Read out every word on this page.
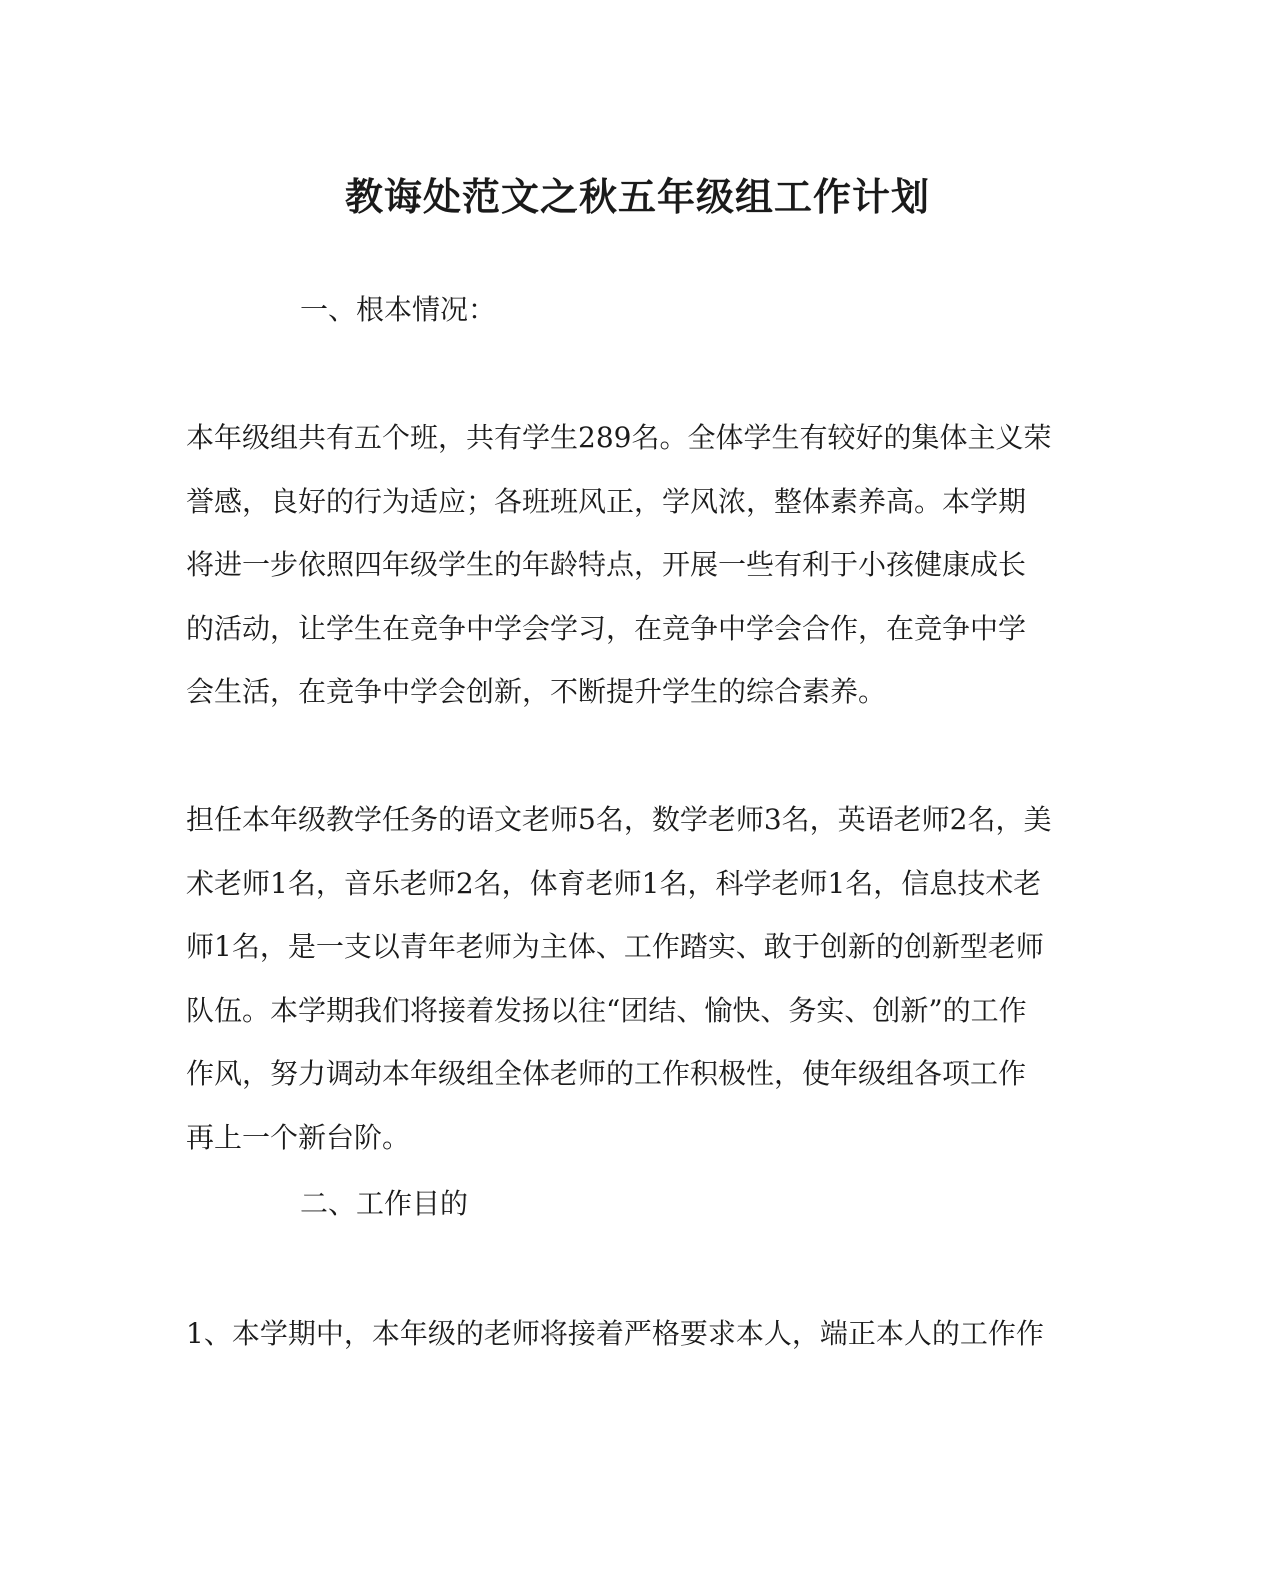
教诲处范文之秋五年级组工作计划
一、根本情况：
本年级组共有五个班，共有学生289名。全体学生有较好的集体主义荣
誉感，良好的行为适应；各班班风正，学风浓，整体素养高。本学期
将进一步依照四年级学生的年龄特点，开展一些有利于小孩健康成长
的活动，让学生在竞争中学会学习，在竞争中学会合作，在竞争中学
会生活，在竞争中学会创新，不断提升学生的综合素养。
担任本年级教学任务的语文老师5名，数学老师3名，英语老师2名，美
术老师1名，音乐老师2名，体育老师1名，科学老师1名，信息技术老
师1名，是一支以青年老师为主体、工作踏实、敢于创新的创新型老师
队伍。本学期我们将接着发扬以往“团结、愉快、务实、创新”的工作
作风，努力调动本年级组全体老师的工作积极性，使年级组各项工作
再上一个新台阶。
二、工作目的
1、本学期中，本年级的老师将接着严格要求本人，端正本人的工作作
